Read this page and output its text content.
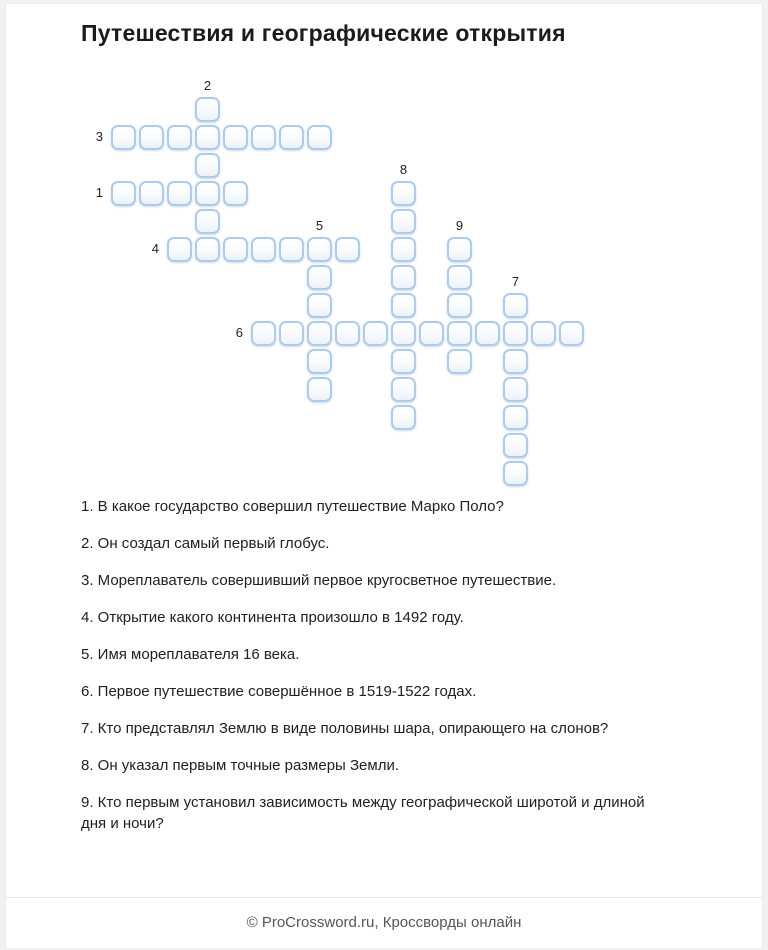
Путешествия и географические открытия
1
2
3
4
5
6
7
8
9
1. В какое государство совершил путешествие Марко Поло?
2. Он создал самый первый глобус.
3. Мореплаватель совершивший первое кругосветное путешествие.
4. Открытие какого континента произошло в 1492 году.
5. Имя мореплавателя 16 века.
6. Первое путешествие совершённое в 1519-1522 годах.
7. Кто представлял Землю в виде половины шара, опирающего на слонов?
8. Он указал первым точные размеры Земли.
9. Кто первым установил зависимость между географической широтой и длиной дня и ночи?
© ProCrossword.ru, Кроссворды онлайн
